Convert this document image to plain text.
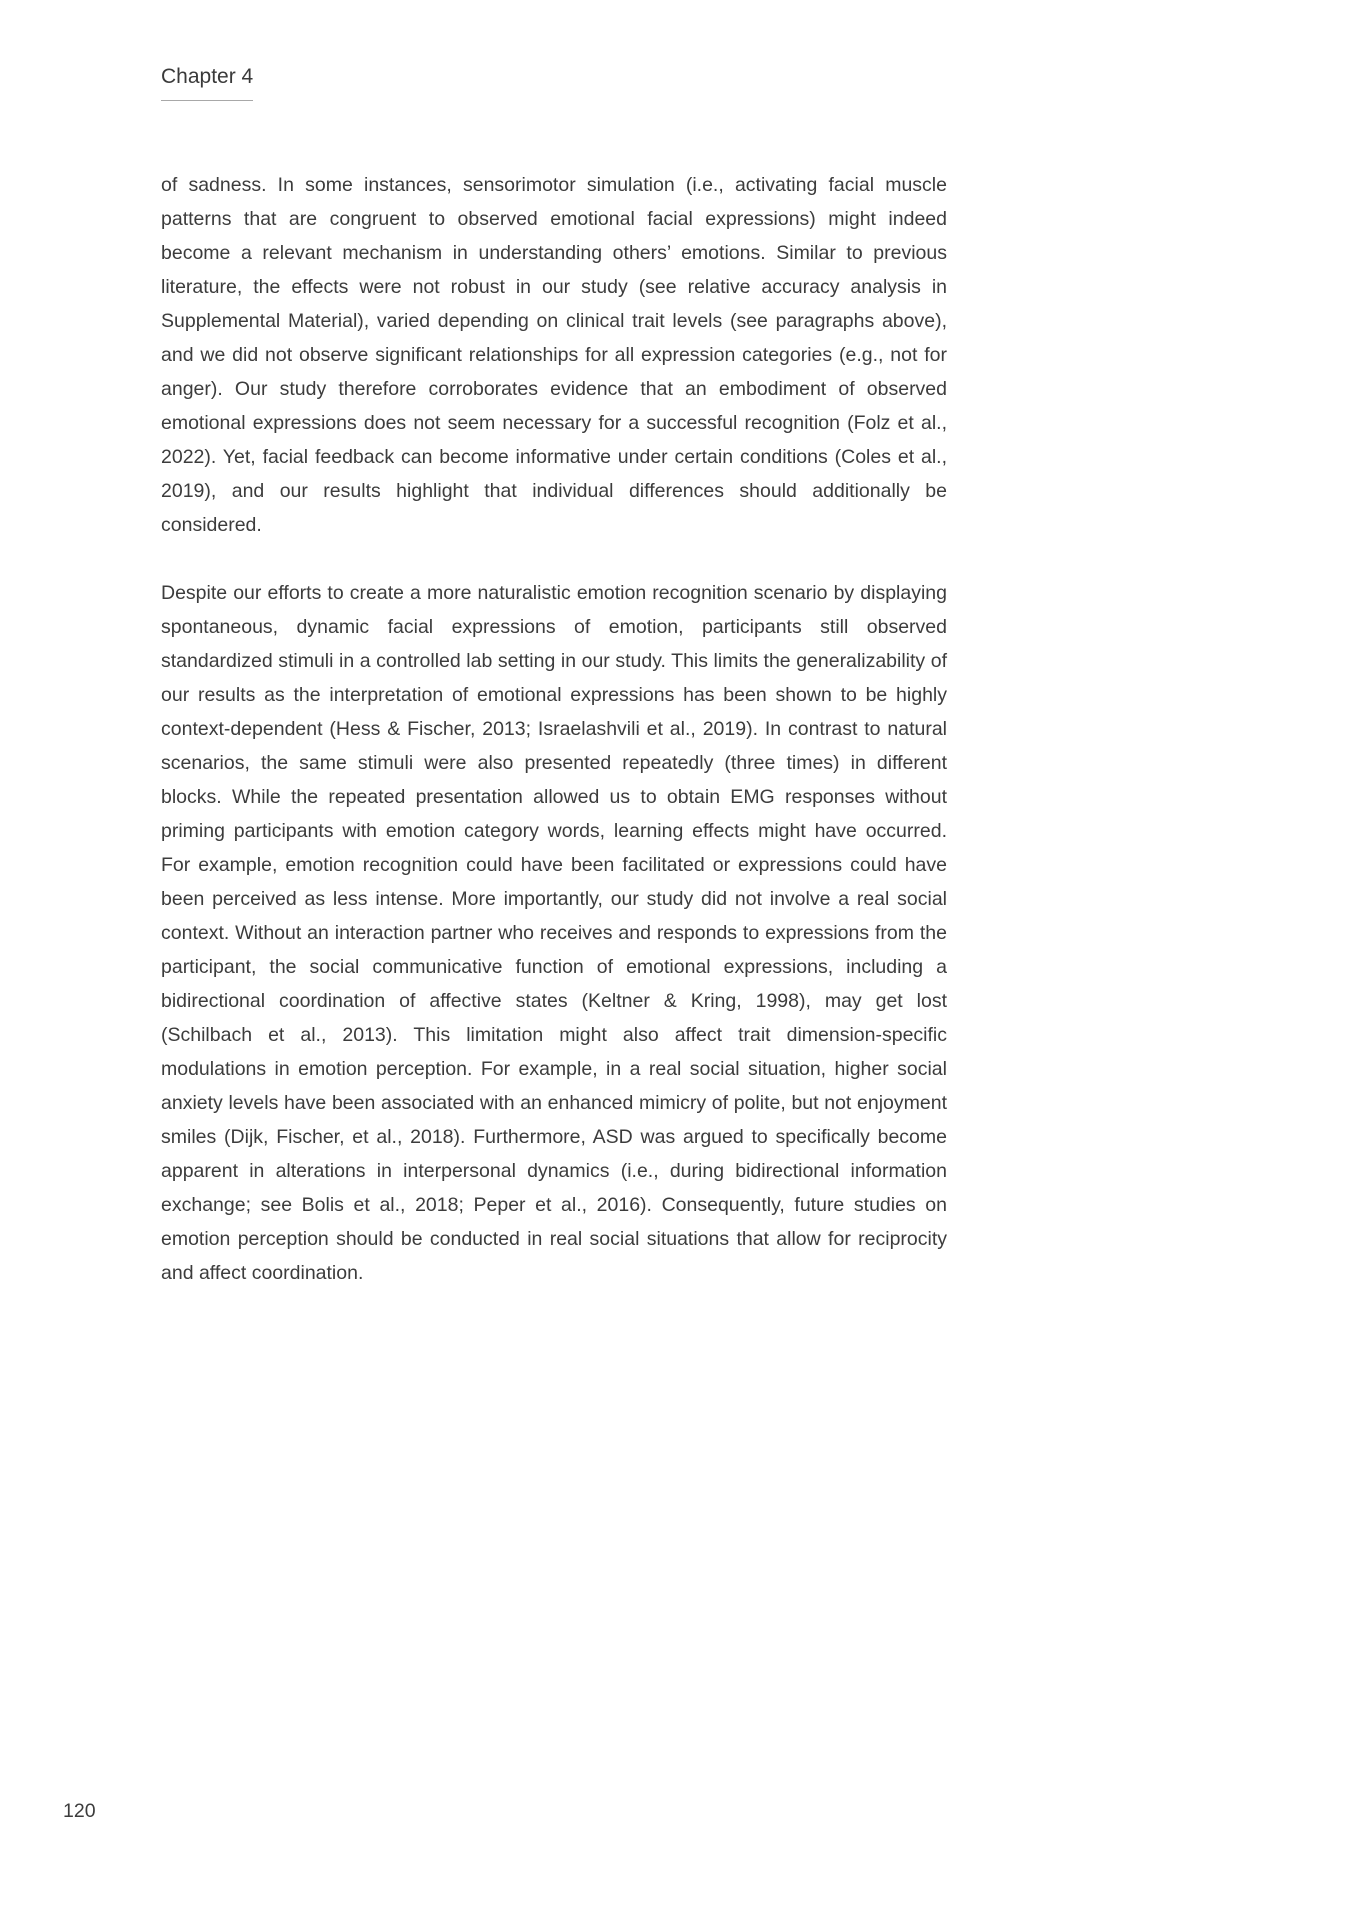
Chapter 4

of sadness. In some instances, sensorimotor simulation (i.e., activating facial muscle patterns that are congruent to observed emotional facial expressions) might indeed become a relevant mechanism in understanding others’ emotions. Similar to previous literature, the effects were not robust in our study (see relative accuracy analysis in Supplemental Material), varied depending on clinical trait levels (see paragraphs above), and we did not observe significant relationships for all expression categories (e.g., not for anger). Our study therefore corroborates evidence that an embodiment of observed emotional expressions does not seem necessary for a successful recognition (Folz et al., 2022). Yet, facial feedback can become informative under certain conditions (Coles et al., 2019), and our results highlight that individual differences should additionally be considered.

Despite our efforts to create a more naturalistic emotion recognition scenario by displaying spontaneous, dynamic facial expressions of emotion, participants still observed standardized stimuli in a controlled lab setting in our study. This limits the generalizability of our results as the interpretation of emotional expressions has been shown to be highly context-dependent (Hess & Fischer, 2013; Israelashvili et al., 2019). In contrast to natural scenarios, the same stimuli were also presented repeatedly (three times) in different blocks. While the repeated presentation allowed us to obtain EMG responses without priming participants with emotion category words, learning effects might have occurred. For example, emotion recognition could have been facilitated or expressions could have been perceived as less intense. More importantly, our study did not involve a real social context. Without an interaction partner who receives and responds to expressions from the participant, the social communicative function of emotional expressions, including a bidirectional coordination of affective states (Keltner & Kring, 1998), may get lost (Schilbach et al., 2013). This limitation might also affect trait dimension-specific modulations in emotion perception. For example, in a real social situation, higher social anxiety levels have been associated with an enhanced mimicry of polite, but not enjoyment smiles (Dijk, Fischer, et al., 2018). Furthermore, ASD was argued to specifically become apparent in alterations in interpersonal dynamics (i.e., during bidirectional information exchange; see Bolis et al., 2018; Peper et al., 2016). Consequently, future studies on emotion perception should be conducted in real social situations that allow for reciprocity and affect coordination.

120
